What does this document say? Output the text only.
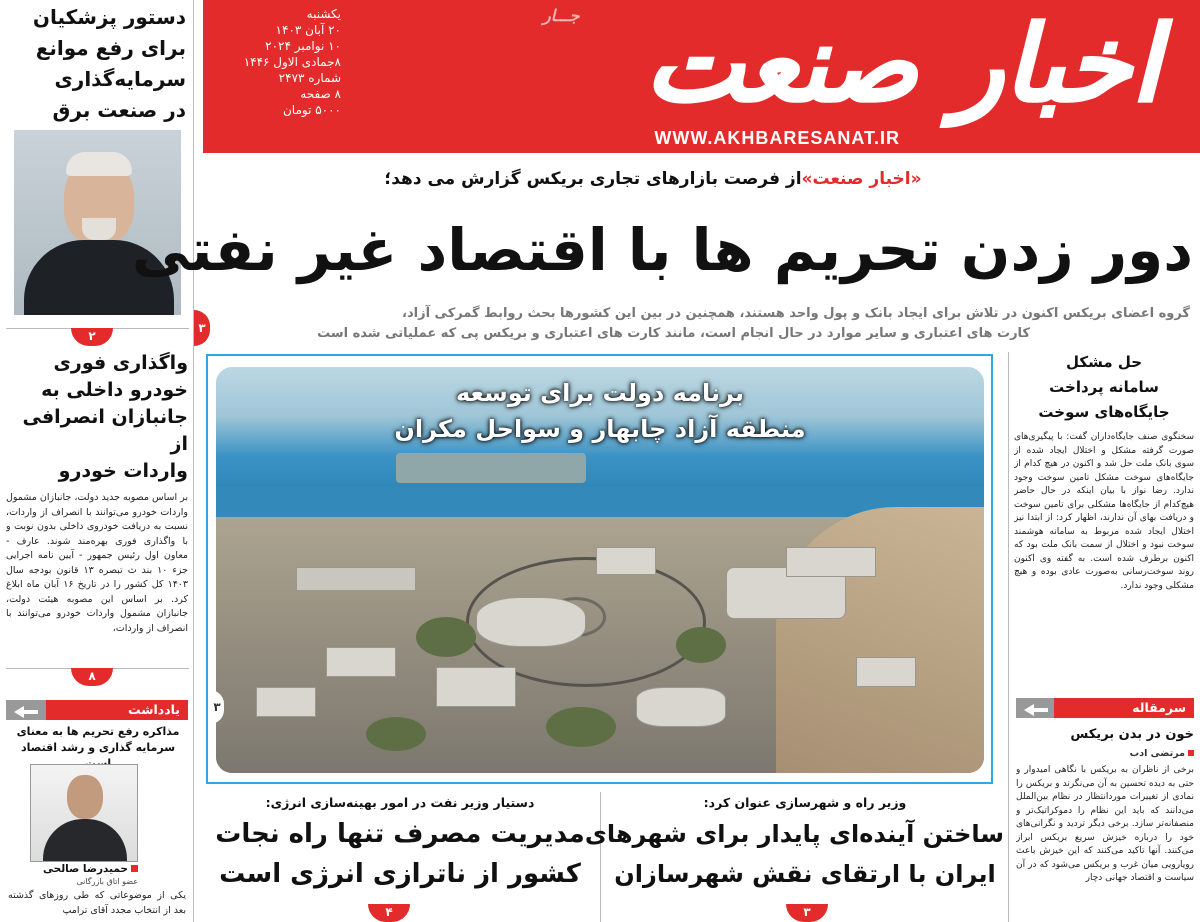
اخبار صنعت
جـــار
WWW.AKHBARESANAT.IR
یکشنبه
۲۰ آبان ۱۴۰۳
۱۰ نوامبر ۲۰۲۴
۸جمادی الاول ۱۴۴۶
شماره ۲۴۷۳
۸ صفحه
۵۰۰۰ تومان
دستور پزشکیان
برای رفع موانع
سرمایه‌گذاری
در صنعت برق
۲
واگذاری فوری
خودرو داخلی به
جانبازان انصرافی از
واردات خودرو
بر اساس مصوبه جدید دولت، جانبازان مشمول واردات خودرو می‌توانند با انصراف از واردات، نسبت به دریافت خودروی داخلی بدون نوبت و با واگذاری فوری بهره‌مند شوند. عارف - معاون اول رئیس جمهور - آیین نامه اجرایی جزء ۱۰ بند ث تبصره ۱۳ قانون بودجه سال ۱۴۰۳ کل کشور را در تاریخ ۱۶ آبان ماه ابلاغ کرد. بر اساس این مصوبه هیئت دولت، جانبازان مشمول واردات خودرو می‌توانند با انصراف از واردات،
۸
یادداشت
مذاکره رفع تحریم ها به معنای سرمایه گذاری و رشد اقتصاد
حمیدرضا صالحی
عضو اتاق بازرگانی
یکی از موضوعاتی که طی روزهای گذشته بعد از انتخاب مجدد آقای ترامپ
«اخبار صنعت»از فرصت بازارهای تجاری بریکس گزارش می دهد؛
دور زدن تحریم ها با اقتصاد غیر نفتی
گروه اعضای بریکس اکنون در تلاش برای ایجاد بانک و پول واحد هستند، همچنین در بین این کشورها بحث روابط گمرکی آزاد،
کارت های اعتباری و سایر موارد در حال انجام است، مانند کارت های اعتباری و بریکس پی که عملیاتی شده است
۳
برنامه دولت برای توسعه
منطقه آزاد چابهار و سواحل مکران
۳
حل مشکل
سامانه پرداخت
جایگاه‌های سوخت
سخنگوی صنف جایگاه‌داران گفت: با پیگیری‌های صورت گرفته مشکل و اختلال ایجاد شده از سوی بانک ملت حل شد و اکنون در هیچ کدام از جایگاه‌های سوخت مشکل تامین سوخت وجود ندارد. رضا نواز با بیان اینکه در حال حاضر هیچ‌کدام از جایگاه‌ها مشکلی برای تامین سوخت و دریافت بهای آن ندارند، اظهار کرد: از ابتدا نیز اختلال ایجاد شده مربوط به سامانه هوشمند سوخت نبود و اختلال از سمت بانک ملت بود که اکنون برطرف شده است. به گفته وی اکنون روند سوخت‌رسانی به‌صورت عادی بوده و هیچ مشکلی وجود ندارد.
سرمقاله
خون در بدن بریکس
مرتضی ادب
برخی از ناظران به بریکس با نگاهی امیدوار و حتی به دیده تحسین به آن می‌نگرند و بریکس را نمادی از تغییرات موردانتظار در نظام بین‌الملل می‌دانند که باید این نظام را دموکراتیک‌تر و منصفانه‌تر سازد. برخی دیگر تردید و نگرانی‌های خود را درباره خیزش سریع بریکس ابراز می‌کنند. آنها تاکید می‌کنند که این خیزش باعث رویارویی میان غرب و بریکس می‌شود که در آن سیاست و اقتصاد جهانی دچار
دستیار وزیر نفت در امور بهینه‌سازی انرژی:
مدیریت مصرف تنها راه نجات
کشور از ناترازی انرژی است
۴
وزیر راه و شهرسازی عنوان کرد:
ساختن آینده‌ای پایدار برای شهرهای
ایران با ارتقای نقش شهرسازان
۳
